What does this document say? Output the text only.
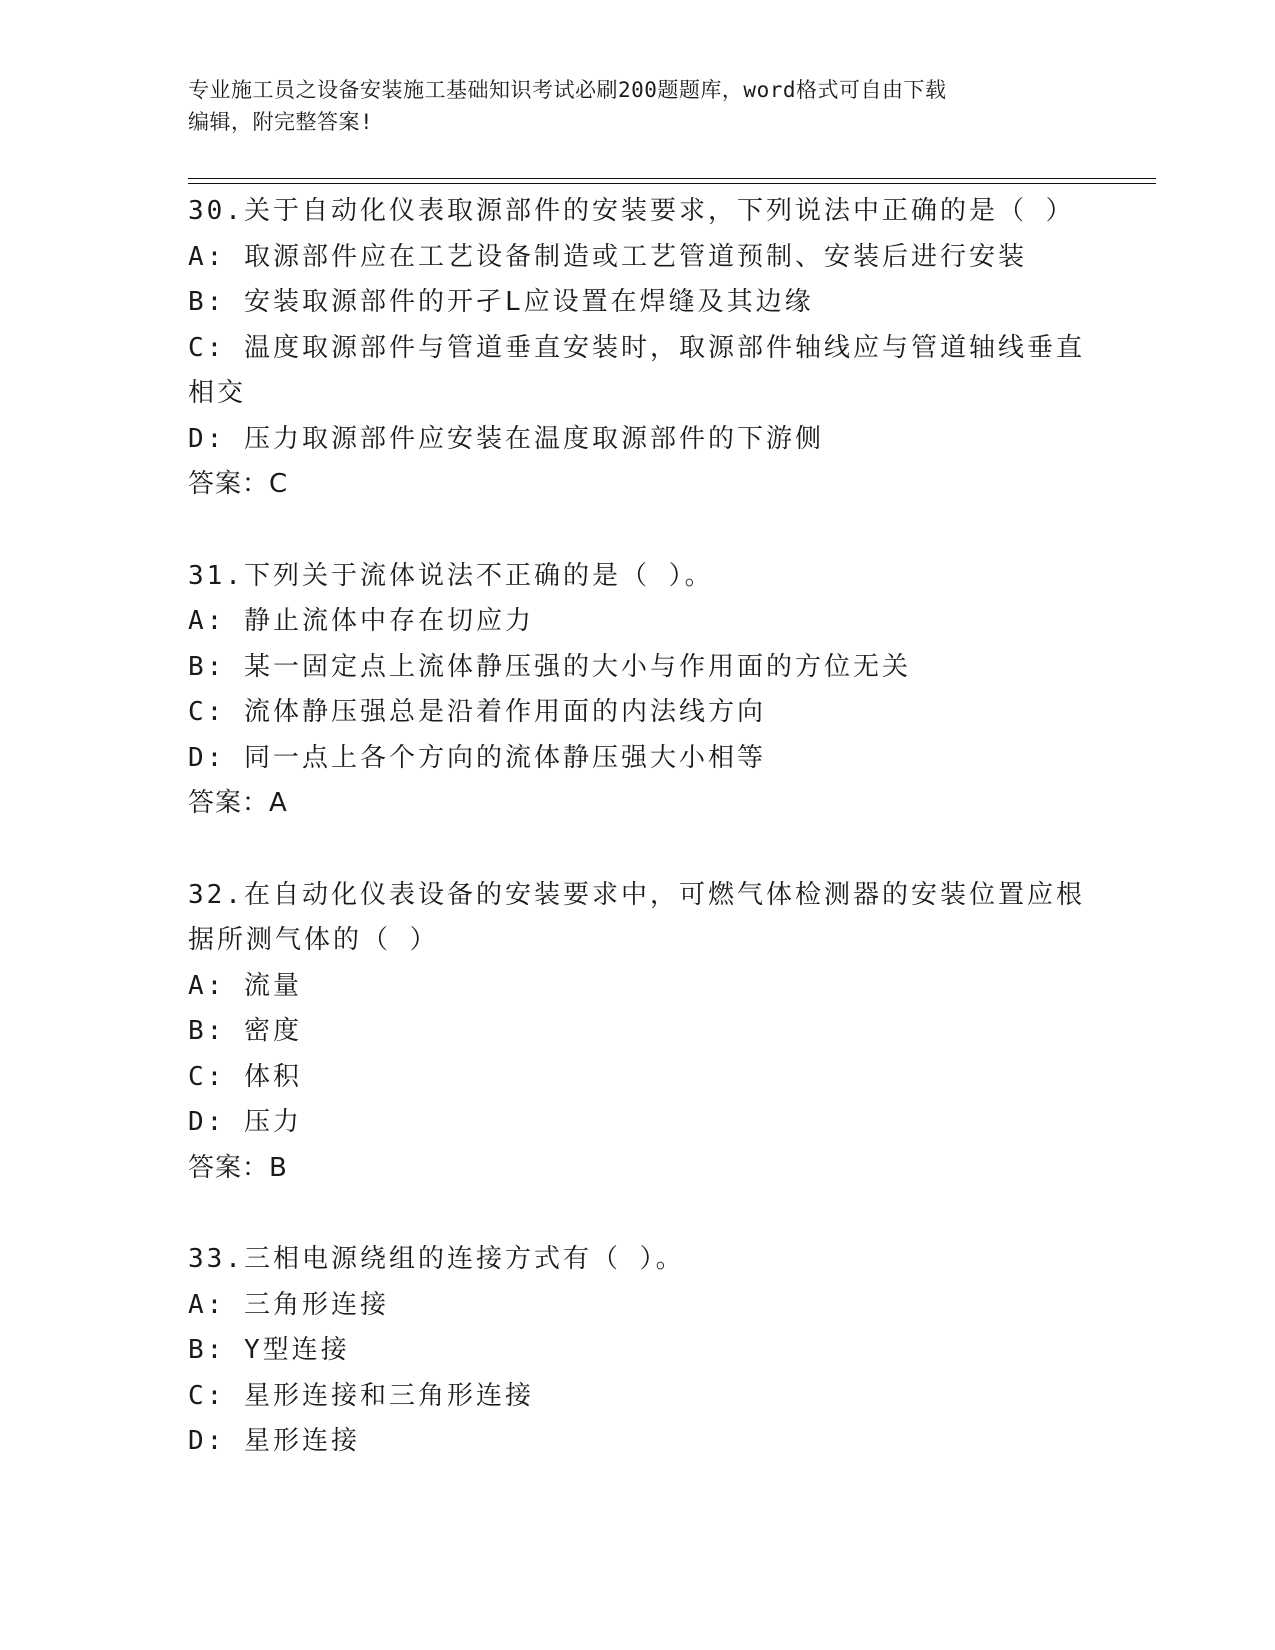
专业施工员之设备安装施工基础知识考试必刷200题题库，word格式可自由下载
编辑，附完整答案!
30.关于自动化仪表取源部件的安装要求，下列说法中正确的是（ ）
A: 取源部件应在工艺设备制造或工艺管道预制、安装后进行安装
B: 安装取源部件的开孑L应设置在焊缝及其边缘
C: 温度取源部件与管道垂直安装时，取源部件轴线应与管道轴线垂直相交
D: 压力取源部件应安装在温度取源部件的下游侧
答案：C
31.下列关于流体说法不正确的是（ ）。
A: 静止流体中存在切应力
B: 某一固定点上流体静压强的大小与作用面的方位无关
C: 流体静压强总是沿着作用面的内法线方向
D: 同一点上各个方向的流体静压强大小相等
答案：A
32.在自动化仪表设备的安装要求中，可燃气体检测器的安装位置应根据所测气体的（ ）
A: 流量
B: 密度
C: 体积
D: 压力
答案：B
33.三相电源绕组的连接方式有（ ）。
A: 三角形连接
B: Y型连接
C: 星形连接和三角形连接
D: 星形连接
